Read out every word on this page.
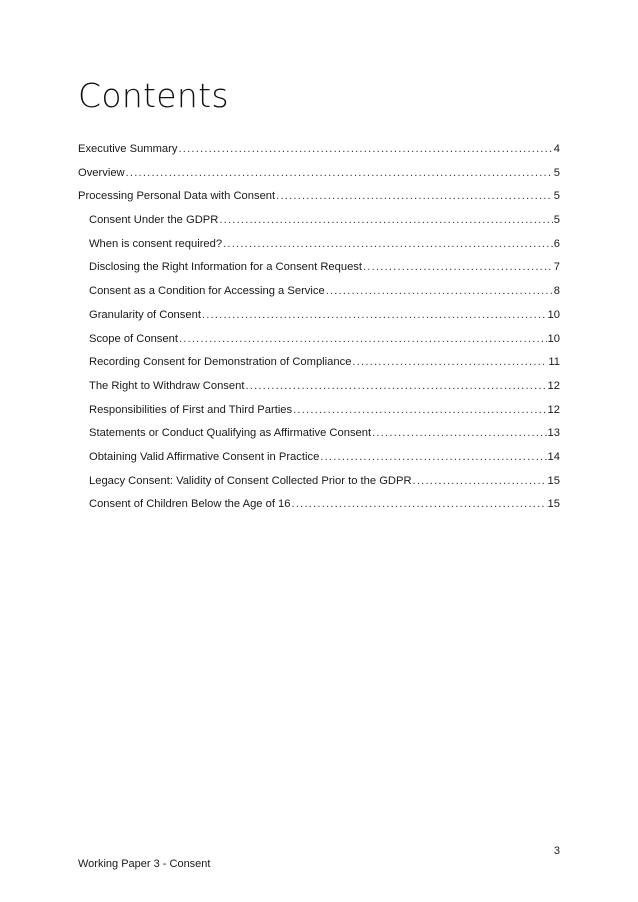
Contents
Executive Summary .....	4
Overview .....	5
Processing Personal Data with Consent .....	5
Consent Under the GDPR .....	5
When is consent required? .....	6
Disclosing the Right Information for a Consent Request .....	7
Consent as a Condition for Accessing a Service .....	8
Granularity of Consent .....	10
Scope of Consent .....	10
Recording Consent for Demonstration of Compliance .....	11
The Right to Withdraw Consent .....	12
Responsibilities of First and Third Parties .....	12
Statements or Conduct Qualifying as Affirmative Consent .....	13
Obtaining Valid Affirmative Consent in Practice .....	14
Legacy Consent: Validity of Consent Collected Prior to the GDPR .....	15
Consent of Children Below the Age of 16 .....	15
3
Working Paper 3 - Consent
